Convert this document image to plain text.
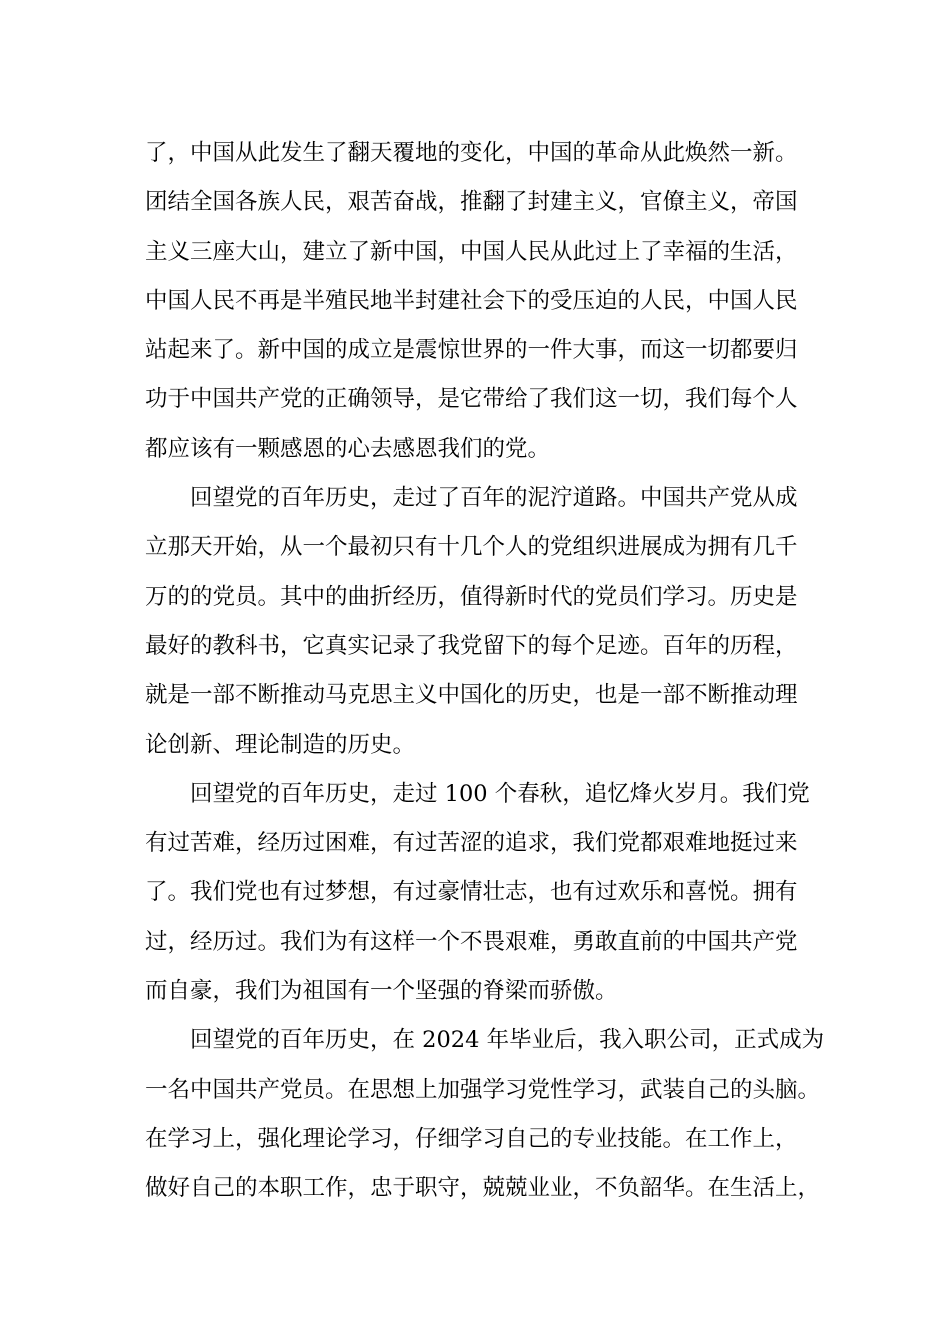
了，中国从此发生了翻天覆地的变化，中国的革命从此焕然一新。
团结全国各族人民，艰苦奋战，推翻了封建主义，官僚主义，帝国
主义三座大山，建立了新中国，中国人民从此过上了幸福的生活，
中国人民不再是半殖民地半封建社会下的受压迫的人民，中国人民
站起来了。新中国的成立是震惊世界的一件大事，而这一切都要归
功于中国共产党的正确领导，是它带给了我们这一切，我们每个人
都应该有一颗感恩的心去感恩我们的党。
　　回望党的百年历史，走过了百年的泥泞道路。中国共产党从成
立那天开始，从一个最初只有十几个人的党组织进展成为拥有几千
万的的党员。其中的曲折经历，值得新时代的党员们学习。历史是
最好的教科书，它真实记录了我党留下的每个足迹。百年的历程，
就是一部不断推动马克思主义中国化的历史，也是一部不断推动理
论创新、理论制造的历史。
　　回望党的百年历史，走过 100 个春秋，追忆烽火岁月。我们党
有过苦难，经历过困难，有过苦涩的追求，我们党都艰难地挺过来
了。我们党也有过梦想，有过豪情壮志，也有过欢乐和喜悦。拥有
过，经历过。我们为有这样一个不畏艰难，勇敢直前的中国共产党
而自豪，我们为祖国有一个坚强的脊梁而骄傲。
　　回望党的百年历史，在 2024 年毕业后，我入职公司，正式成为
一名中国共产党员。在思想上加强学习党性学习，武装自己的头脑。
在学习上，强化理论学习，仔细学习自己的专业技能。在工作上，
做好自己的本职工作，忠于职守，兢兢业业，不负韶华。在生活上，
